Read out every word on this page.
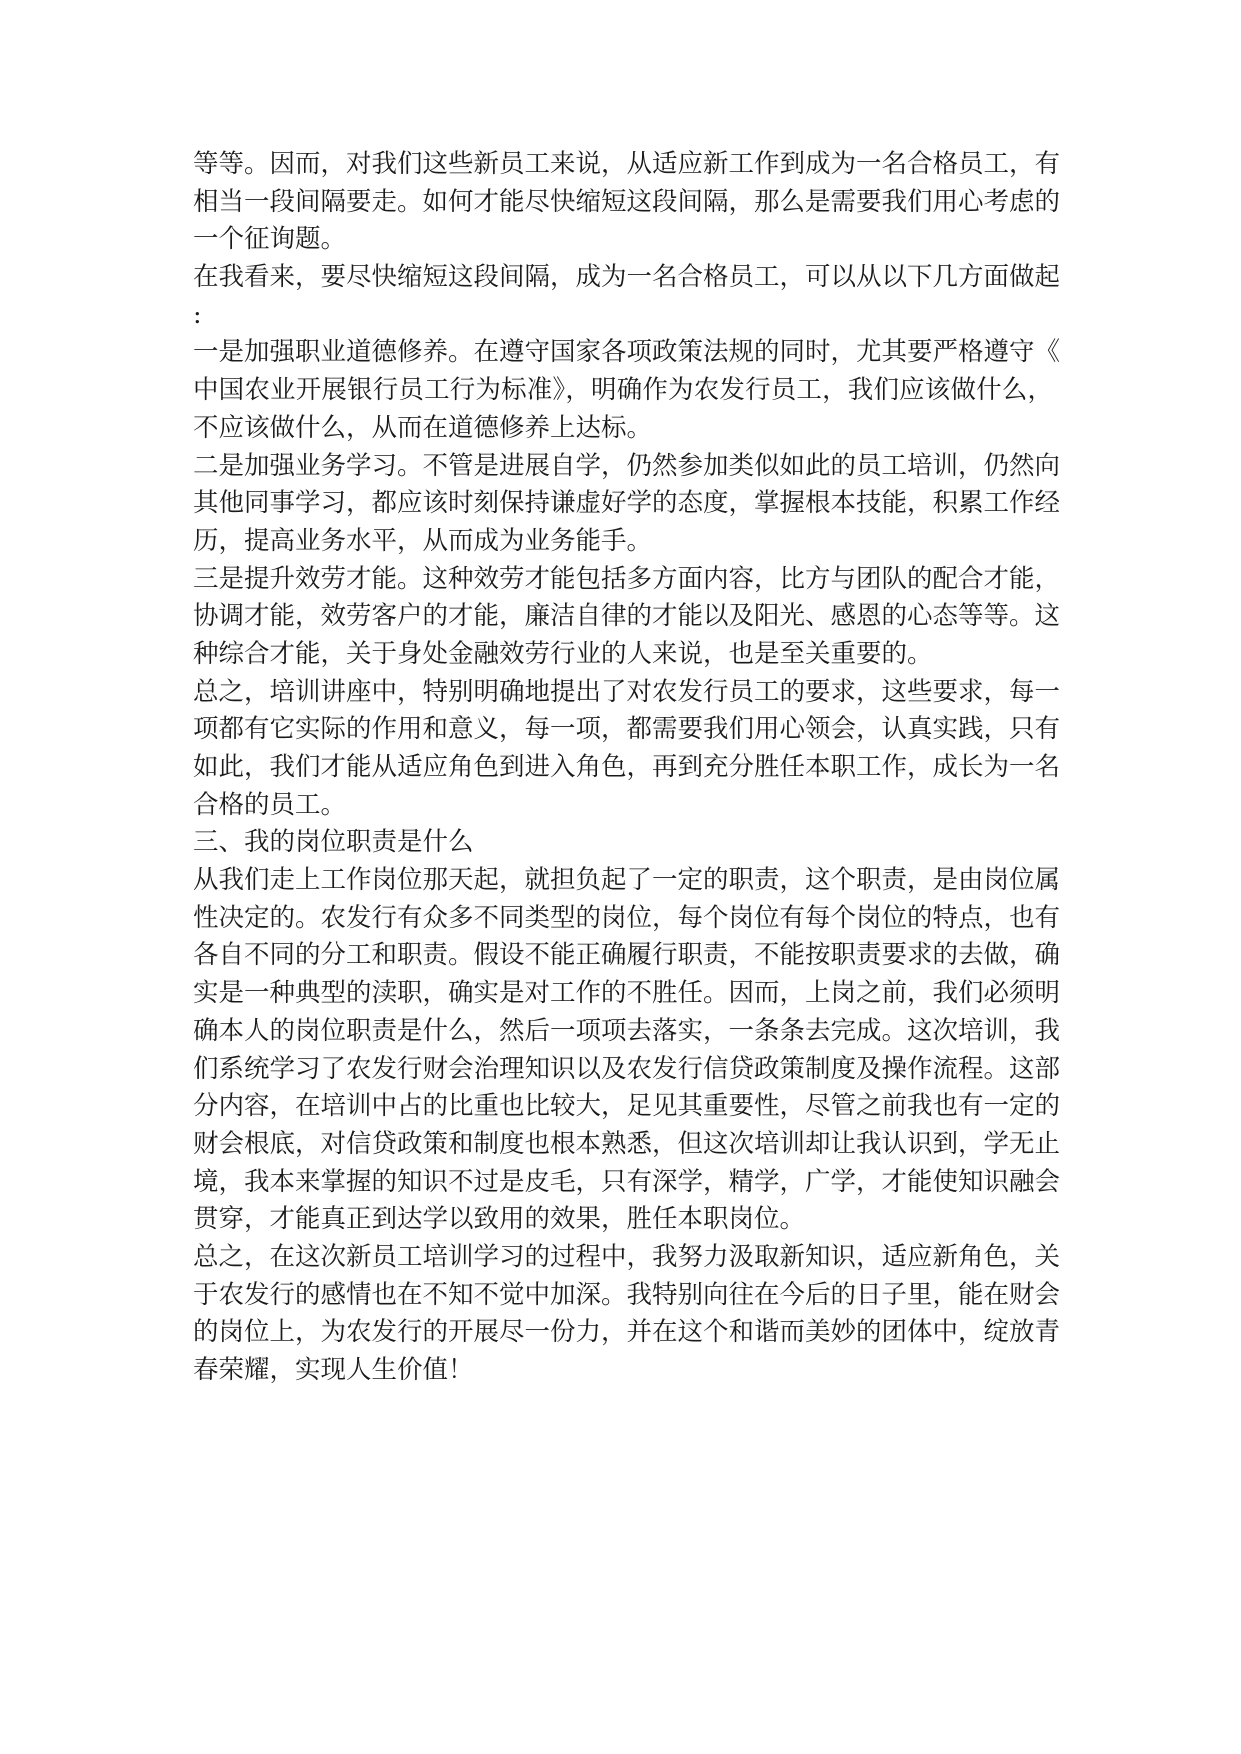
等等。因而，对我们这些新员工来说，从适应新工作到成为一名合格员工，有
相当一段间隔要走。如何才能尽快缩短这段间隔，那么是需要我们用心考虑的
一个征询题。
在我看来，要尽快缩短这段间隔，成为一名合格员工，可以从以下几方面做起
:
一是加强职业道德修养。在遵守国家各项政策法规的同时，尤其要严格遵守《
中国农业开展银行员工行为标准》，明确作为农发行员工，我们应该做什么，
不应该做什么，从而在道德修养上达标。
二是加强业务学习。不管是进展自学，仍然参加类似如此的员工培训，仍然向
其他同事学习，都应该时刻保持谦虚好学的态度，掌握根本技能，积累工作经
历，提高业务水平，从而成为业务能手。
三是提升效劳才能。这种效劳才能包括多方面内容，比方与团队的配合才能，
协调才能，效劳客户的才能，廉洁自律的才能以及阳光、感恩的心态等等。这
种综合才能，关于身处金融效劳行业的人来说，也是至关重要的。
总之，培训讲座中，特别明确地提出了对农发行员工的要求，这些要求，每一
项都有它实际的作用和意义，每一项，都需要我们用心领会，认真实践，只有
如此，我们才能从适应角色到进入角色，再到充分胜任本职工作，成长为一名
合格的员工。
三、我的岗位职责是什么
从我们走上工作岗位那天起，就担负起了一定的职责，这个职责，是由岗位属
性决定的。农发行有众多不同类型的岗位，每个岗位有每个岗位的特点，也有
各自不同的分工和职责。假设不能正确履行职责，不能按职责要求的去做，确
实是一种典型的渎职，确实是对工作的不胜任。因而，上岗之前，我们必须明
确本人的岗位职责是什么，然后一项项去落实，一条条去完成。这次培训，我
们系统学习了农发行财会治理知识以及农发行信贷政策制度及操作流程。这部
分内容，在培训中占的比重也比较大，足见其重要性，尽管之前我也有一定的
财会根底，对信贷政策和制度也根本熟悉，但这次培训却让我认识到，学无止
境，我本来掌握的知识不过是皮毛，只有深学，精学，广学，才能使知识融会
贯穿，才能真正到达学以致用的效果，胜任本职岗位。
总之，在这次新员工培训学习的过程中，我努力汲取新知识，适应新角色，关
于农发行的感情也在不知不觉中加深。我特别向往在今后的日子里，能在财会
的岗位上，为农发行的开展尽一份力，并在这个和谐而美妙的团体中，绽放青
春荣耀，实现人生价值！
